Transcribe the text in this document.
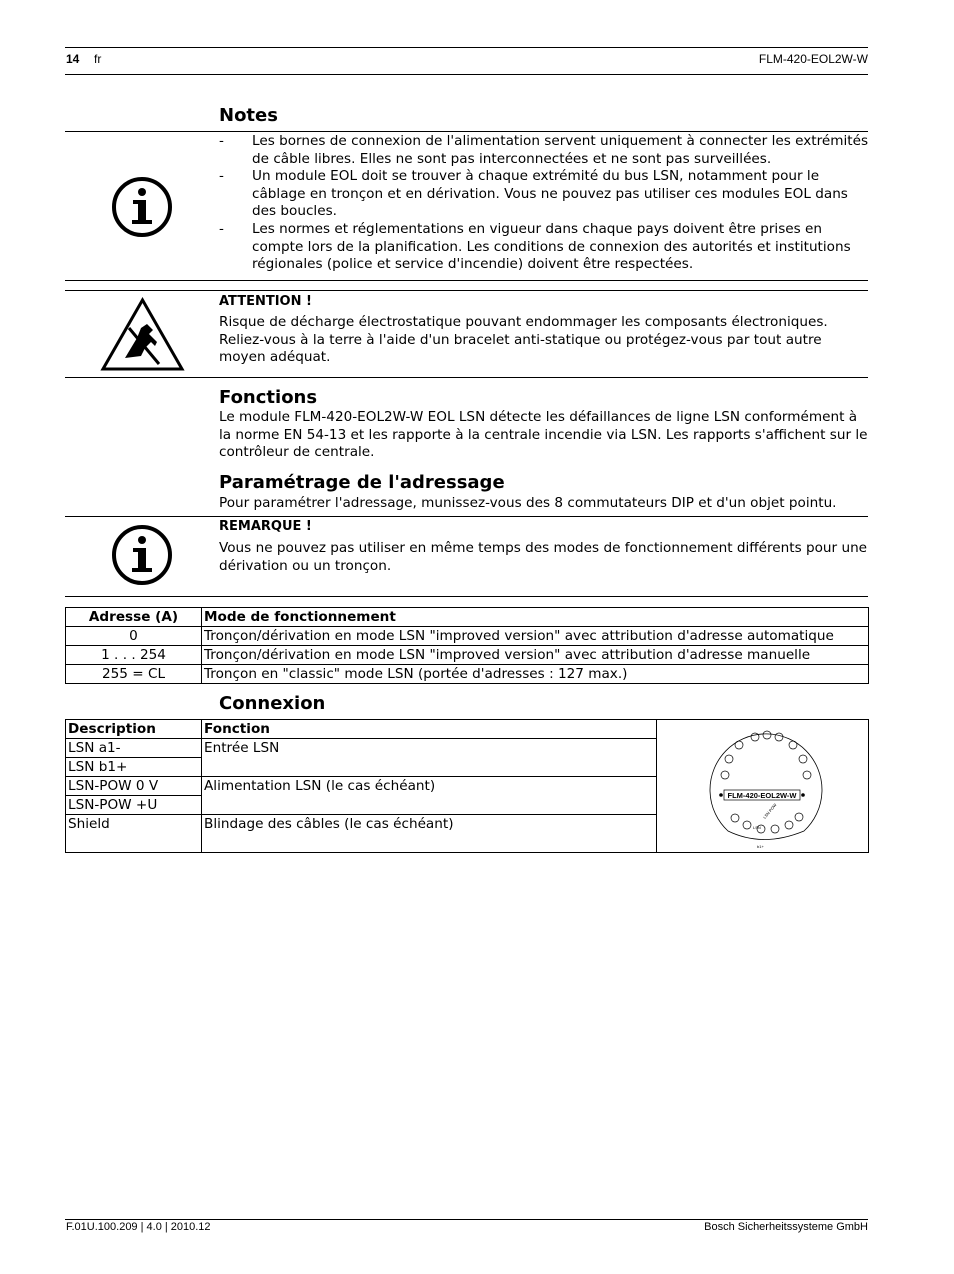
14 fr	FLM-420-EOL2W-W
Notes
- Les bornes de connexion de l'alimentation servent uniquement à connecter les extrémités de câble libres. Elles ne sont pas interconnectées et ne sont pas surveillées.
- Un module EOL doit se trouver à chaque extrémité du bus LSN, notamment pour le câblage en tronçon et en dérivation. Vous ne pouvez pas utiliser ces modules EOL dans des boucles.
- Les normes et réglementations en vigueur dans chaque pays doivent être prises en compte lors de la planification. Les conditions de connexion des autorités et institutions régionales (police et service d'incendie) doivent être respectées.
ATTENTION !
Risque de décharge électrostatique pouvant endommager les composants électroniques. Reliez-vous à la terre à l'aide d'un bracelet anti-statique ou protégez-vous par tout autre moyen adéquat.
Fonctions
Le module FLM-420-EOL2W-W EOL LSN détecte les défaillances de ligne LSN conformément à la norme EN 54-13 et les rapporte à la centrale incendie via LSN. Les rapports s'affichent sur le contrôleur de centrale.
Paramétrage de l'adressage
Pour paramétrer l'adressage, munissez-vous des 8 commutateurs DIP et d'un objet pointu.
REMARQUE !
Vous ne pouvez pas utiliser en même temps des modes de fonctionnement différents pour une dérivation ou un tronçon.
Adresse (A)	Mode de fonctionnement
0	Tronçon/dérivation en mode LSN "improved version" avec attribution d'adresse automatique
1 . . . 254	Tronçon/dérivation en mode LSN "improved version" avec attribution d'adresse manuelle
255 = CL	Tronçon en "classic" mode LSN (portée d'adresses : 127 max.)
Connexion
Description	Fonction	FLM-420-EOL2W-W
LSN
LSN POW
b1+

LSN a1-	Entrée LSN	
LSN b1+		
LSN-POW 0 V	Alimentation LSN (le cas échéant)	
LSN-POW +U		
Shield	Blindage des câbles (le cas échéant)	
F.01U.100.209 | 4.0 | 2010.12	Bosch Sicherheitssysteme GmbH
